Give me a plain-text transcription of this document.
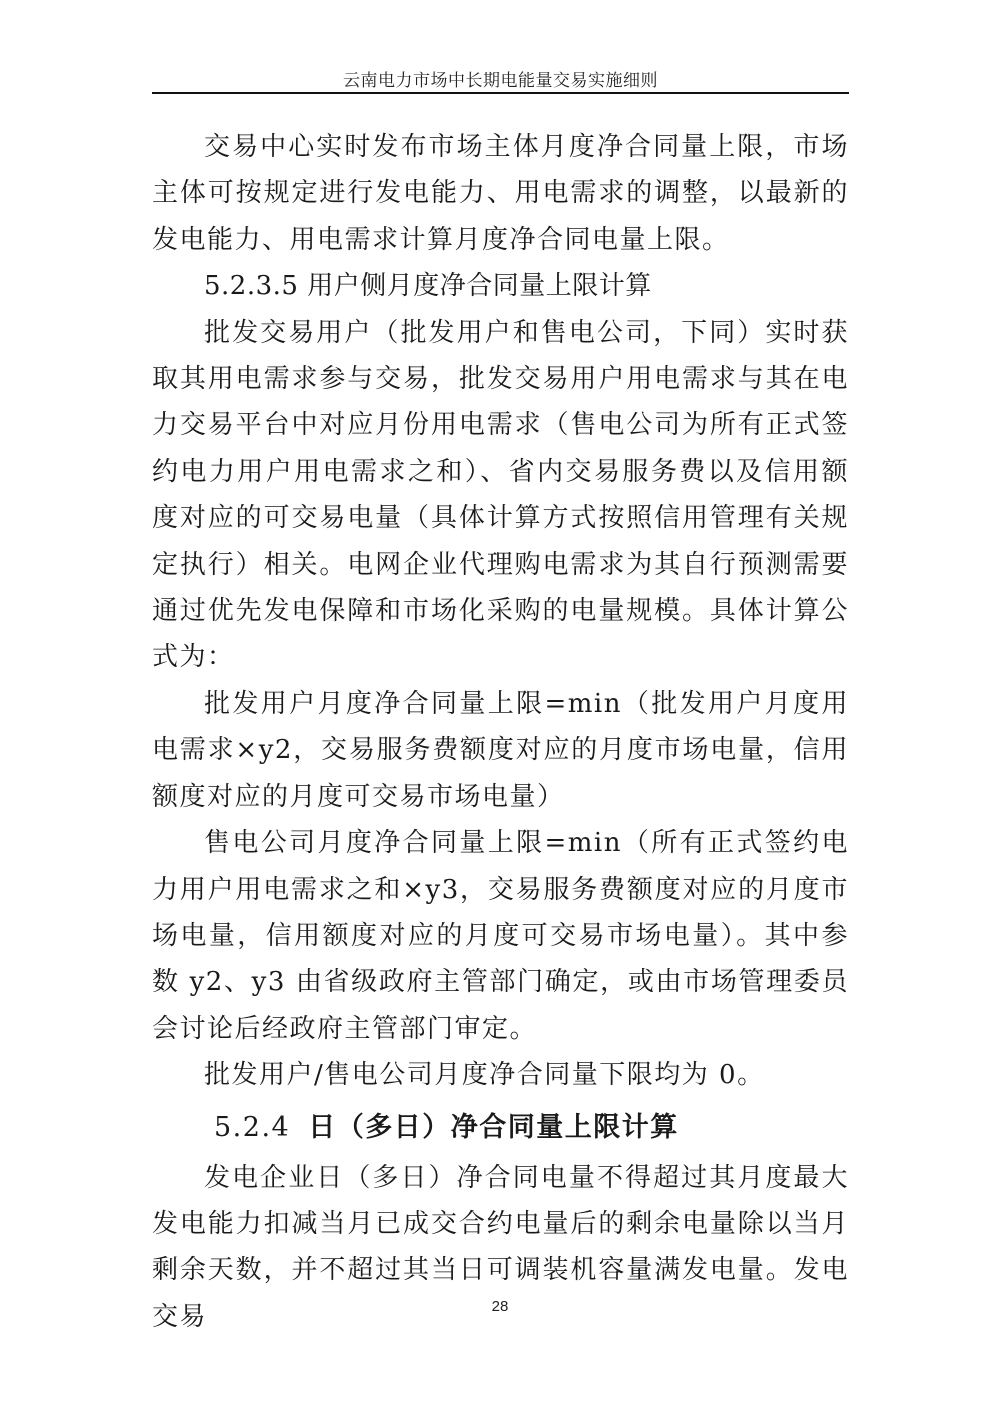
云南电力市场中长期电能量交易实施细则

交易中心实时发布市场主体月度净合同量上限，市场主体可按规定进行发电能力、用电需求的调整，以最新的发电能力、用电需求计算月度净合同电量上限。

5.2.3.5 用户侧月度净合同量上限计算

批发交易用户（批发用户和售电公司，下同）实时获取其用电需求参与交易，批发交易用户用电需求与其在电力交易平台中对应月份用电需求（售电公司为所有正式签约电力用户用电需求之和）、省内交易服务费以及信用额度对应的可交易电量（具体计算方式按照信用管理有关规定执行）相关。电网企业代理购电需求为其自行预测需要通过优先发电保障和市场化采购的电量规模。具体计算公式为：

批发用户月度净合同量上限=min（批发用户月度用电需求×y2，交易服务费额度对应的月度市场电量，信用额度对应的月度可交易市场电量）

售电公司月度净合同量上限=min（所有正式签约电力用户用电需求之和×y3，交易服务费额度对应的月度市场电量，信用额度对应的月度可交易市场电量）。其中参数 y2、y3 由省级政府主管部门确定，或由市场管理委员会讨论后经政府主管部门审定。

批发用户/售电公司月度净合同量下限均为 0。

5.2.4 日（多日）净合同量上限计算

发电企业日（多日）净合同电量不得超过其月度最大发电能力扣减当月已成交合约电量后的剩余电量除以当月剩余天数，并不超过其当日可调装机容量满发电量。发电交易	28
